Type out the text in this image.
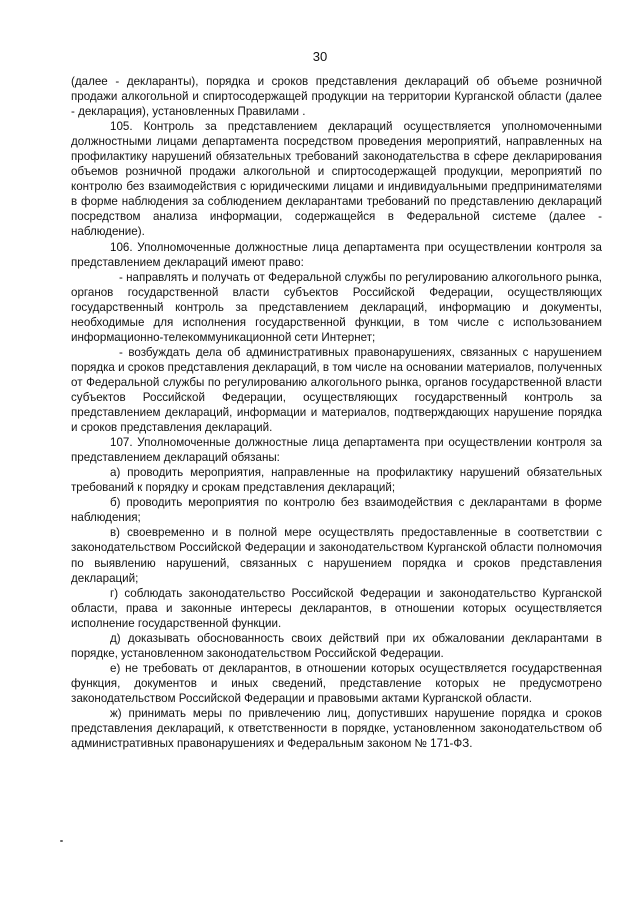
30

(далее - декларанты), порядка и сроков представления деклараций об объеме розничной продажи алкогольной и спиртосодержащей продукции на территории Курганской области (далее - декларация), установленных Правилами .

105. Контроль за представлением деклараций осуществляется уполномоченными должностными лицами департамента посредством проведения мероприятий, направленных на профилактику нарушений обязательных требований законодательства в сфере декларирования объемов розничной продажи алкогольной и спиртосодержащей продукции, мероприятий по контролю без взаимодействия с юридическими лицами и индивидуальными предпринимателями в форме наблюдения за соблюдением декларантами требований по представлению деклараций посредством анализа информации, содержащейся в Федеральной системе (далее - наблюдение).

106. Уполномоченные должностные лица департамента при осуществлении контроля за представлением деклараций имеют право:

- направлять и получать от Федеральной службы по регулированию алкогольного рынка, органов государственной власти субъектов Российской Федерации, осуществляющих государственный контроль за представлением деклараций, информацию и документы, необходимые для исполнения государственной функции, в том числе с использованием информационно-телекоммуникационной сети Интернет;

- возбуждать дела об административных правонарушениях, связанных с нарушением порядка и сроков представления деклараций, в том числе на основании материалов, полученных от Федеральной службы по регулированию алкогольного рынка, органов государственной власти субъектов Российской Федерации, осуществляющих государственный контроль за представлением деклараций, информации и материалов, подтверждающих нарушение порядка и сроков представления деклараций.

107. Уполномоченные должностные лица департамента при осуществлении контроля за представлением деклараций обязаны:

а) проводить мероприятия, направленные на профилактику нарушений обязательных требований к порядку и срокам представления деклараций;

б) проводить мероприятия по контролю без взаимодействия с декларантами в форме наблюдения;

в) своевременно и в полной мере осуществлять предоставленные в соответствии с законодательством Российской Федерации и законодательством Курганской области полномочия по выявлению нарушений, связанных с нарушением порядка и сроков представления деклараций;

г) соблюдать законодательство Российской Федерации и законодательство Курганской области, права и законные интересы декларантов, в отношении которых осуществляется исполнение государственной функции.

д) доказывать обоснованность своих действий при их обжаловании декларантами в порядке, установленном законодательством Российской Федерации.

е) не требовать от декларантов, в отношении которых осуществляется государственная функция, документов и иных сведений, представление которых не предусмотрено законодательством Российской Федерации и правовыми актами Курганской области.

ж) принимать меры по привлечению лиц, допустивших нарушение порядка и сроков представления деклараций, к ответственности в порядке, установленном законодательством об административных правонарушениях и Федеральным законом № 171-ФЗ.
